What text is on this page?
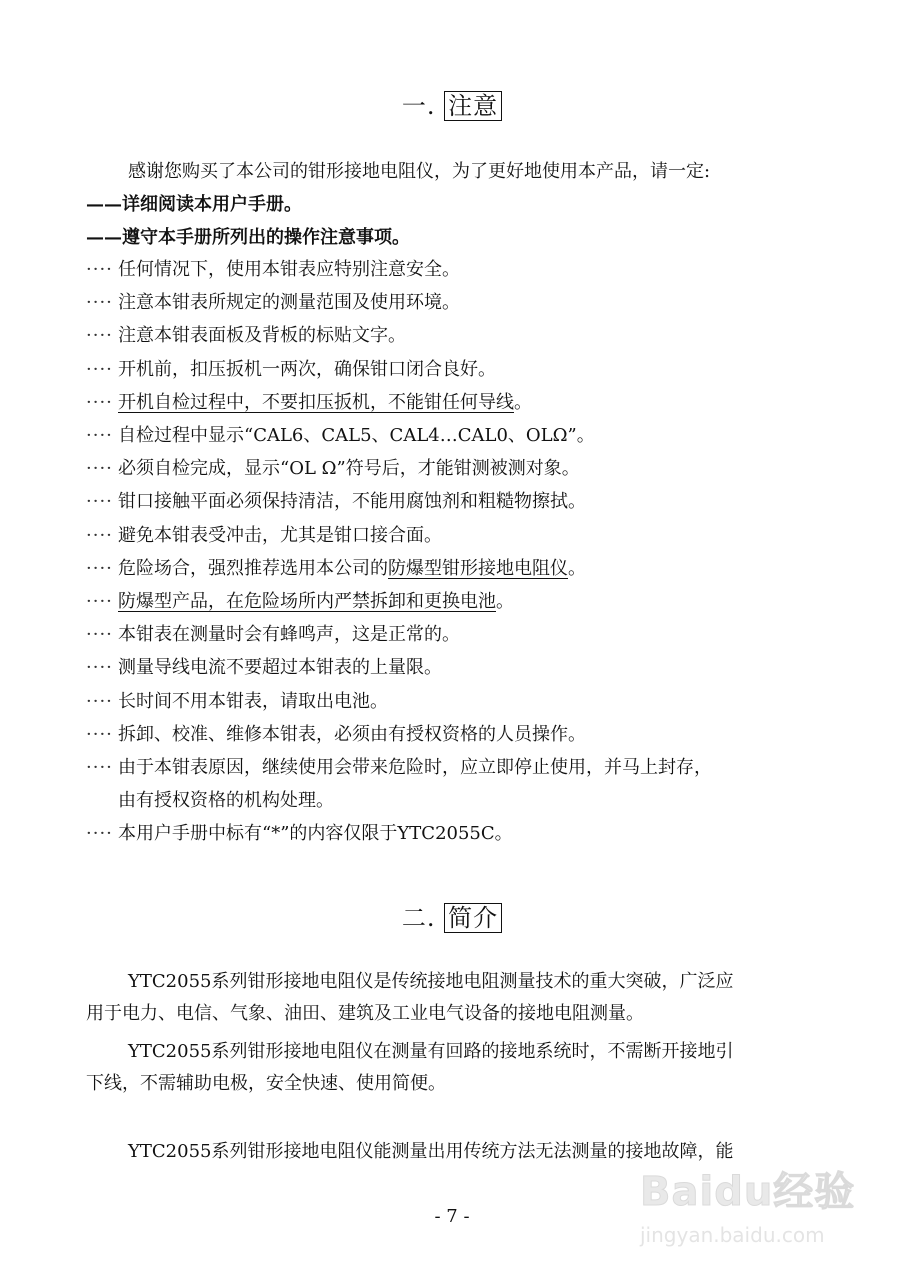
一. 注意
感谢您购买了本公司的钳形接地电阻仪，为了更好地使用本产品，请一定:
——详细阅读本用户手册。
——遵守本手册所列出的操作注意事项。
···· 任何情况下，使用本钳表应特别注意安全。
···· 注意本钳表所规定的测量范围及使用环境。
···· 注意本钳表面板及背板的标贴文字。
···· 开机前，扣压扳机一两次，确保钳口闭合良好。
···· 开机自检过程中，不要扣压扳机，不能钳任何导线。
···· 自检过程中显示“CAL6、CAL5、CAL4…CAL0、OLΩ”。
···· 必须自检完成，显示“OL Ω”符号后，才能钳测被测对象。
···· 钳口接触平面必须保持清洁，不能用腐蚀剂和粗糙物擦拭。
···· 避免本钳表受冲击，尤其是钳口接合面。
···· 危险场合，强烈推荐选用本公司的防爆型钳形接地电阻仪。
···· 防爆型产品，在危险场所内严禁拆卸和更换电池。
···· 本钳表在测量时会有蜂鸣声，这是正常的。
···· 测量导线电流不要超过本钳表的上量限。
···· 长时间不用本钳表，请取出电池。
···· 拆卸、校准、维修本钳表，必须由有授权资格的人员操作。
···· 由于本钳表原因，继续使用会带来危险时，应立即停止使用，并马上封存，
由有授权资格的机构处理。
···· 本用户手册中标有“*”的内容仅限于YTC2055C。
二. 简介
YTC2055系列钳形接地电阻仪是传统接地电阻测量技术的重大突破，广泛应
用于电力、电信、气象、油田、建筑及工业电气设备的接地电阻测量。
YTC2055系列钳形接地电阻仪在测量有回路的接地系统时，不需断开接地引
下线，不需辅助电极，安全快速、使用简便。
YTC2055系列钳形接地电阻仪能测量出用传统方法无法测量的接地故障，能
- 7 -
Baidu经验
jingyan.baidu.com
